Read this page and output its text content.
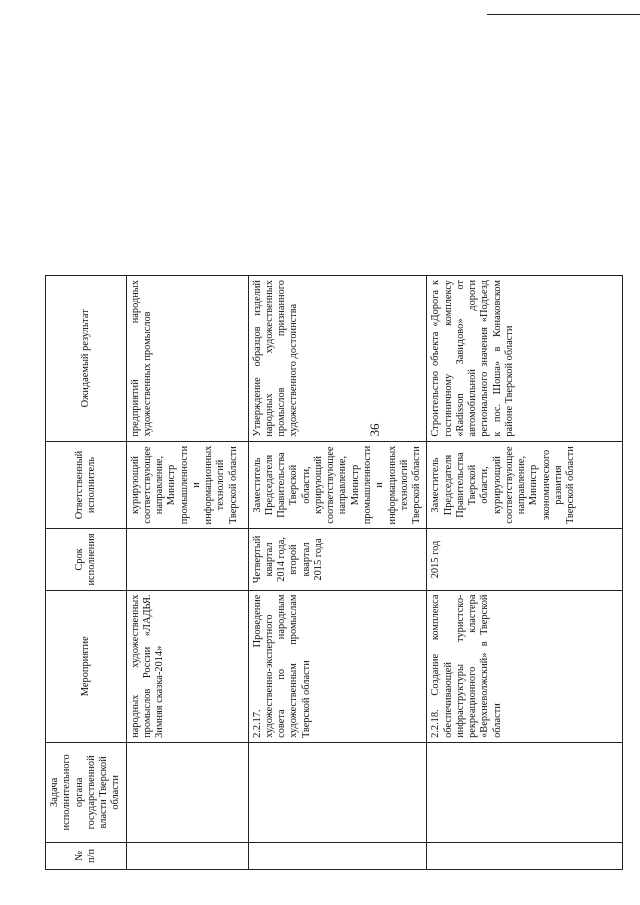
36
№ п/п	Задача исполнительного органа государственной власти Тверской области	Мероприятие	Срок исполнения	Ответственный исполнитель	Ожидаемый результат
		народных художественных промыслов России «ЛАДЬЯ. Зимняя сказка-2014»		курирующий соответствующее направление, Министр промышленности и информационных технологий Тверской области	предприятий народных художественных промыслов
		2.2.17. Проведение художественно-экспертного совета по народным художественным промыслам Тверской области	Четвертый квартал 2014 года, второй квартал 2015 года	Заместитель Председателя Правительства Тверской области, курирующий соответствующее направление, Министр промышленности и информационных технологий Тверской области	Утверждение образцов изделий народных художественных промыслов признанного художественного достоинства
		2.2.18. Создание комплекса обеспечивающей инфраструктуры туристско-рекреационного кластера «Верхневолжский» в Тверской области	2015 год	Заместитель Председателя Правительства Тверской области, курирующий соответствующее направление, Министр экономического развития Тверской области	Строительство объекта «Дорога к гостиничному комплексу «Radisson Завидово» от автомобильной дороги регионального значения «Подъезд к пос. Шоша» в Конаковском районе Тверской области
